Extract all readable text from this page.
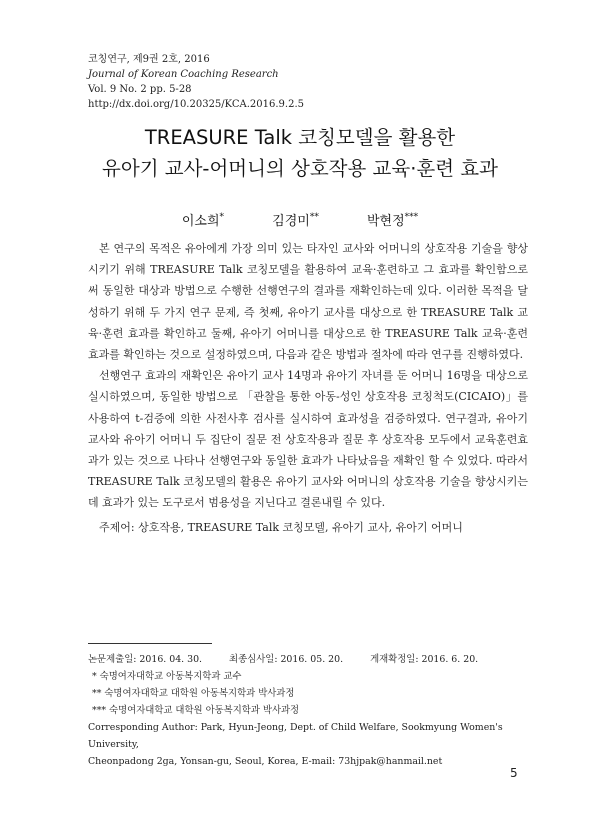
코칭연구, 제9권 2호, 2016
Journal of Korean Coaching Research
Vol. 9 No. 2 pp. 5-28
http://dx.doi.org/10.20325/KCA.2016.9.2.5
TREASURE Talk 코칭모델을 활용한
유아기 교사-어머니의 상호작용 교육·훈련 효과
이소희*	김경미**	박현정***

본 연구의 목적은 유아에게 가장 의미 있는 타자인 교사와 어머니의 상호작용 기술을 향상시키기 위해 TREASURE Talk 코칭모델을 활용하여 교육·훈련하고 그 효과를 확인함으로써 동일한 대상과 방법으로 수행한 선행연구의 결과를 재확인하는데 있다. 이러한 목적을 달성하기 위해 두 가지 연구 문제, 즉 첫째, 유아기 교사를 대상으로 한 TREASURE Talk 교육·훈련 효과를 확인하고 둘째, 유아기 어머니를 대상으로 한 TREASURE Talk 교육·훈련 효과를 확인하는 것으로 설정하였으며, 다음과 같은 방법과 절차에 따라 연구를 진행하였다.

선행연구 효과의 재확인은 유아기 교사 14명과 유아기 자녀를 둔 어머니 16명을 대상으로 실시하였으며, 동일한 방법으로 「관찰을 통한 아동-성인 상호작용 코칭척도(CICAIO)」를 사용하여 t-검증에 의한 사전사후 검사를 실시하여 효과성을 검증하였다. 연구결과, 유아기 교사와 유아기 어머니 두 집단이 질문 전 상호작용과 질문 후 상호작용 모두에서 교육훈련효과가 있는 것으로 나타나 선행연구와 동일한 효과가 나타났음을 재확인 할 수 있었다. 따라서 TREASURE Talk 코칭모델의 활용은 유아기 교사와 어머니의 상호작용 기술을 향상시키는데 효과가 있는 도구로서 범용성을 지닌다고 결론내릴 수 있다.

주제어: 상호작용, TREASURE Talk 코칭모델, 유아기 교사, 유아기 어머니
논문제출일: 2016. 04. 30.	최종심사일: 2016. 05. 20.	게재확정일: 2016. 6. 20.
* 숙명여자대학교 아동복지학과 교수
** 숙명여자대학교 대학원 아동복지학과 박사과정
*** 숙명여자대학교 대학원 아동복지학과 박사과정
Corresponding Author: Park, Hyun-Jeong, Dept. of Child Welfare, Sookmyung Women's University,
Cheonpadong 2ga, Yonsan-gu, Seoul, Korea, E-mail: 73hjpak@hanmail.net
5
